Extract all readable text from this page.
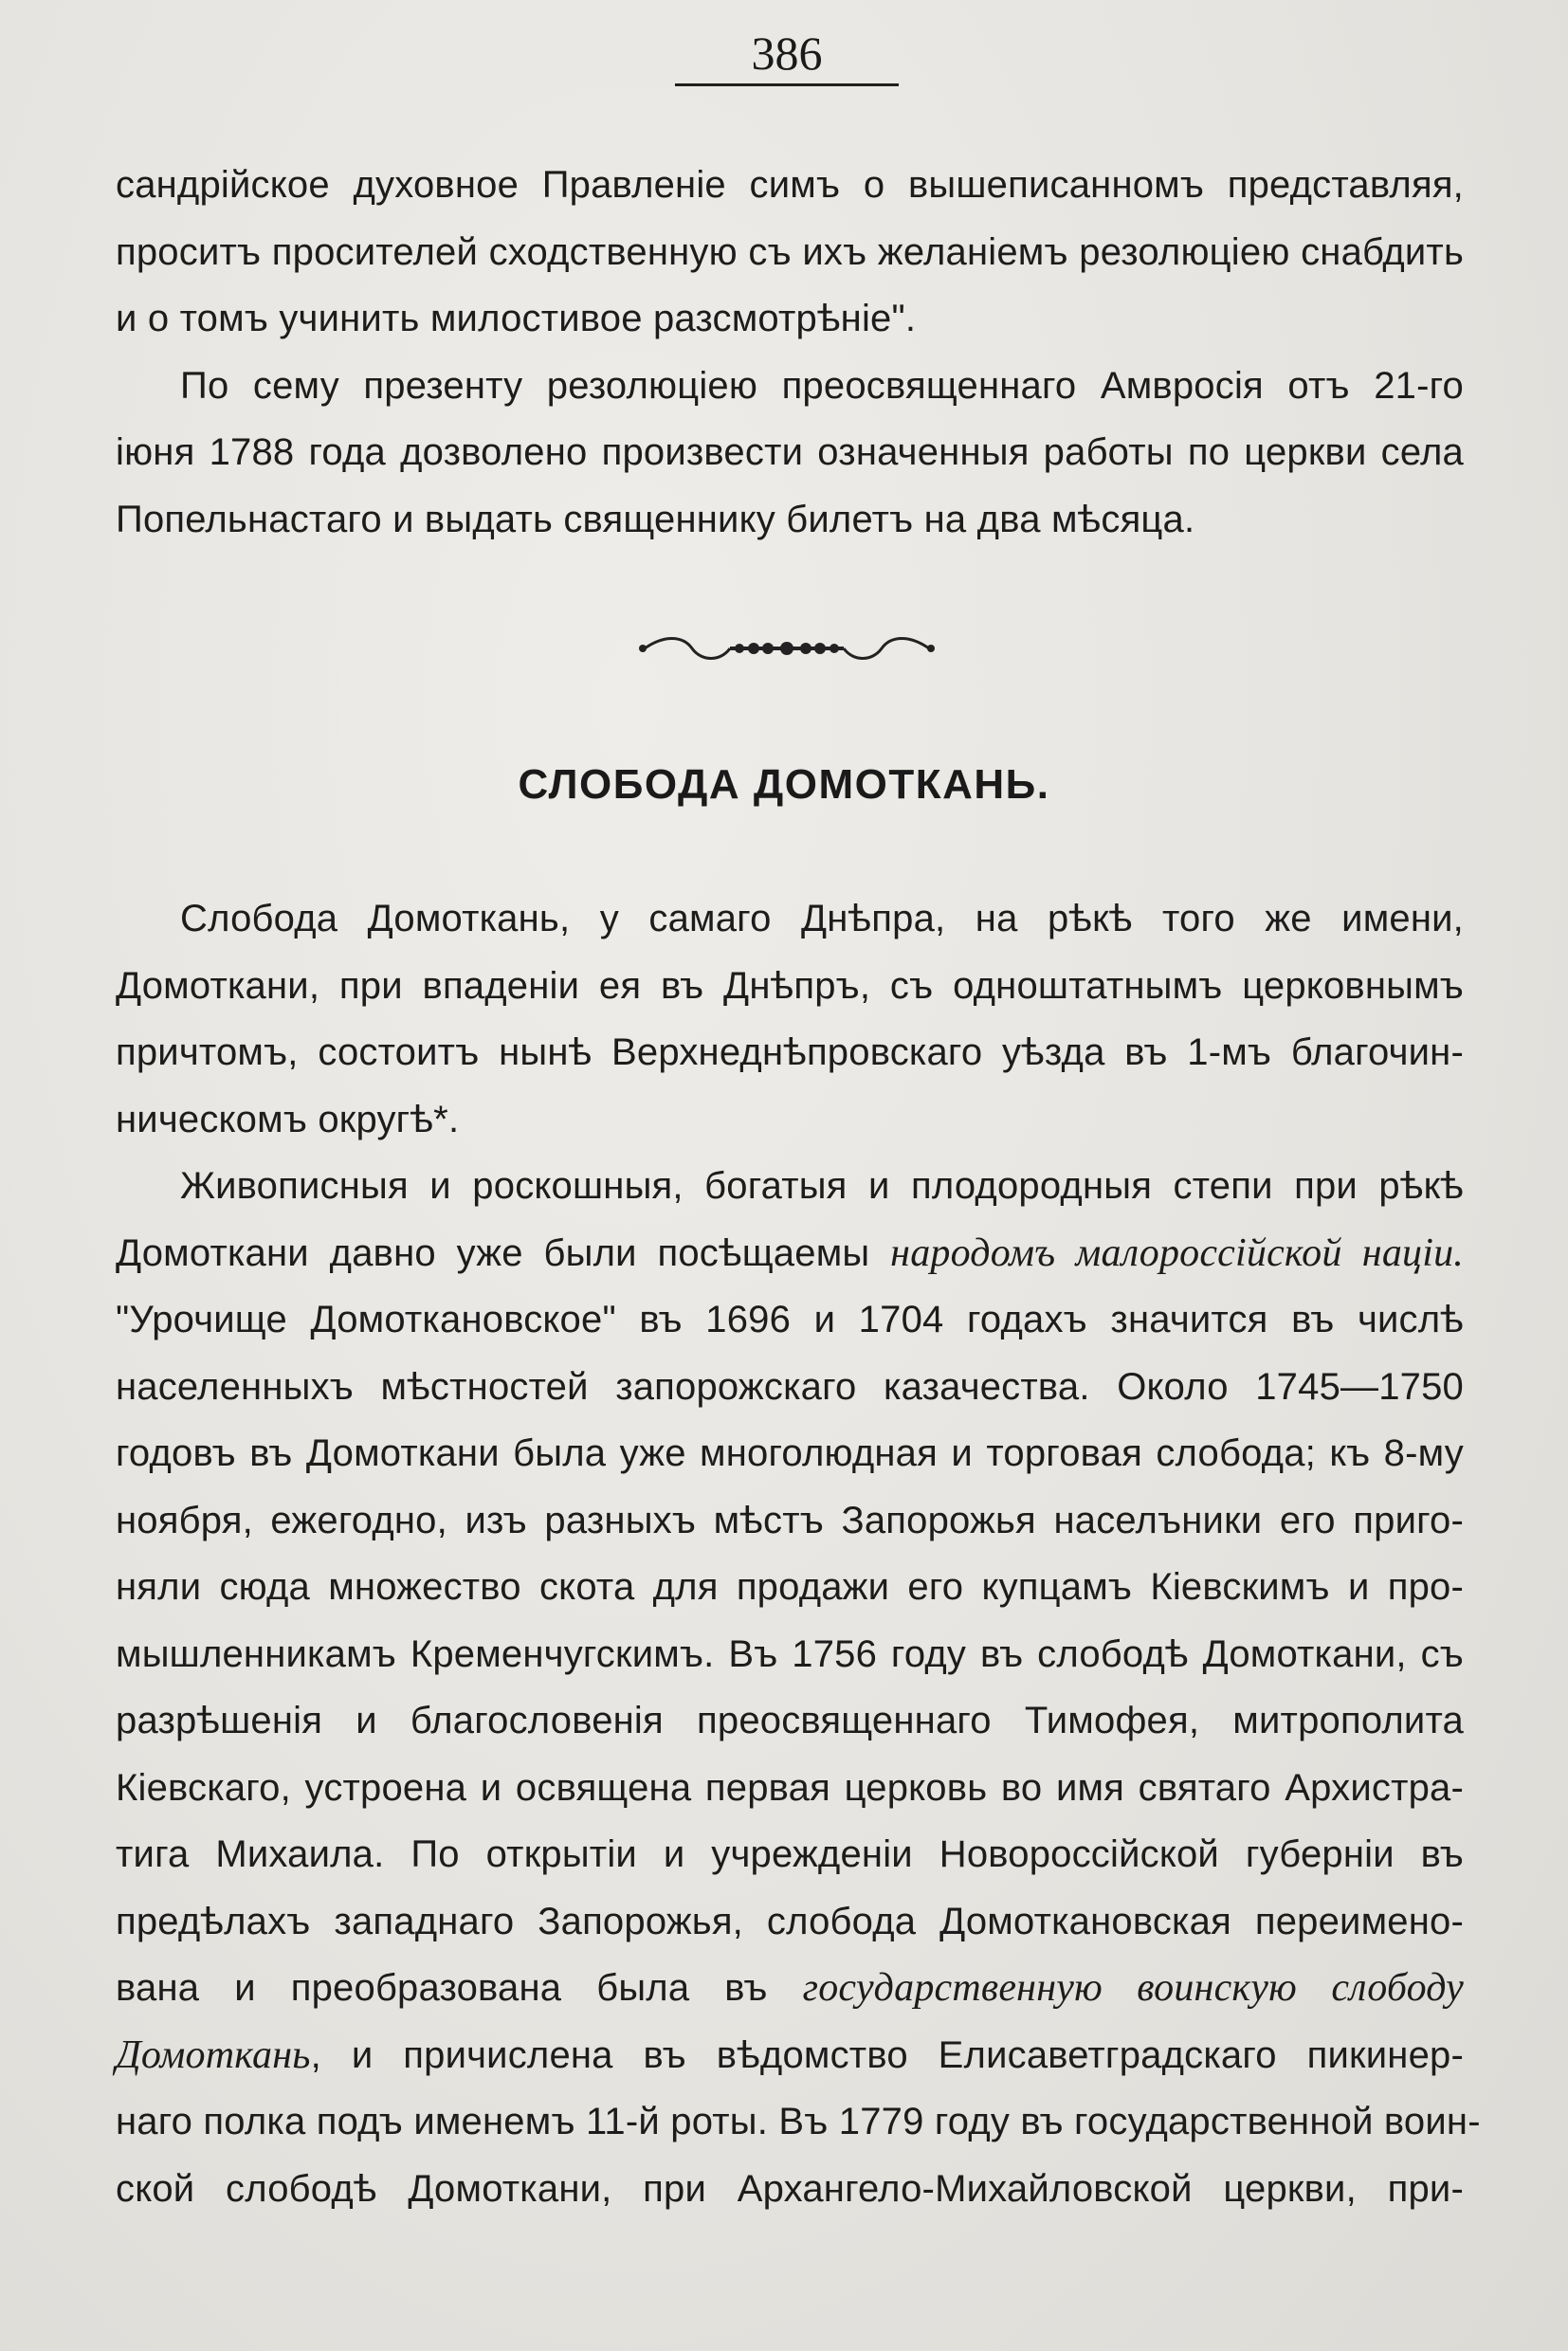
386
сандрійское духовное Правленіе симъ о вышеписанномъ представляя,
проситъ просителей сходственную съ ихъ желаніемъ резолюціею снабдить
и о томъ учинить милостивое разсмотрѣніе".
По сему презенту резолюціею преосвященнаго Амвросія отъ 21-го
іюня 1788 года дозволено произвести означенныя работы по церкви села
Попельнастаго и выдать священнику билетъ на два мѣсяца.
СЛОБОДА ДОМОТКАНЬ.
Слобода Домоткань, у самаго Днѣпра, на рѣкѣ того же имени,
Домоткани, при впаденіи ея въ Днѣпръ, съ одноштатнымъ церковнымъ
причтомъ, состоитъ нынѣ Верхнеднѣпровскаго уѣзда въ 1-мъ благочин-
ническомъ округѣ*.
Живописныя и роскошныя, богатыя и плодородныя степи при рѣкѣ
Домоткани давно уже были посѣщаемы народомъ малороссійской націи.
"Урочище Домоткановское" въ 1696 и 1704 годахъ значится въ числѣ
населенныхъ мѣстностей запорожскаго казачества. Около 1745—1750
годовъ въ Домоткани была уже многолюдная и торговая слобода; къ 8-му
ноября, ежегодно, изъ разныхъ мѣстъ Запорожья населъники его приго-
няли сюда множество скота для продажи его купцамъ Кіевскимъ и про-
мышленникамъ Кременчугскимъ. Въ 1756 году въ слободѣ Домоткани, съ
разрѣшенія и благословенія преосвященнаго Тимофея, митрополита
Кіевскаго, устроена и освящена первая церковь во имя святаго Архистра-
тига Михаила. По открытіи и учрежденіи Новороссійской губерніи въ
предѣлахъ западнаго Запорожья, слобода Домоткановская переимено-
вана и преобразована была въ государственную воинскую слободу
Домоткань, и причислена въ вѣдомство Елисаветградскаго пикинер-
наго полка подъ именемъ 11-й роты. Въ 1779 году въ государственной воин-
ской слободѣ Домоткани, при Архангело-Михайловской церкви, при-
